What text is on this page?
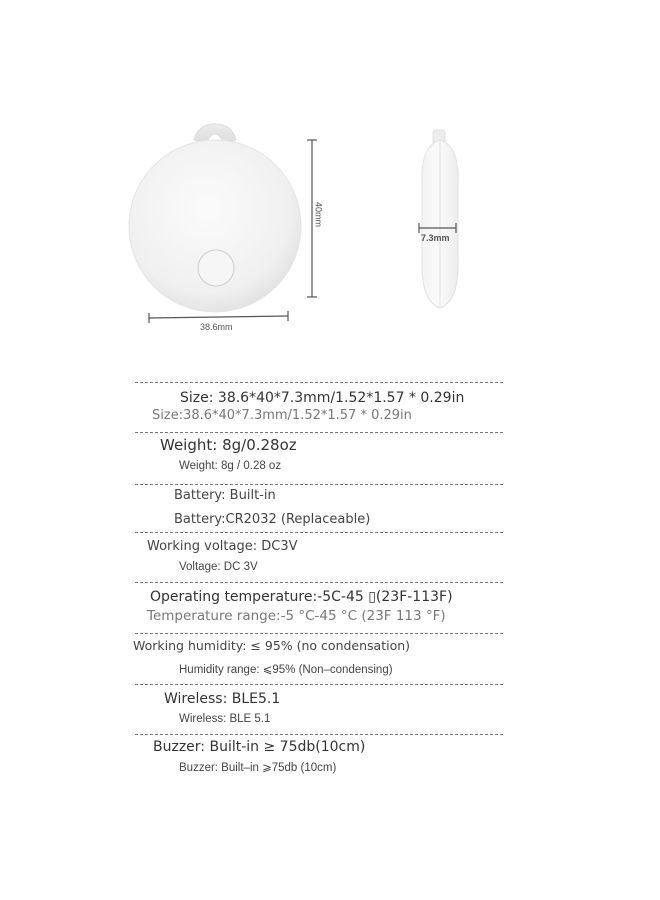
40mm
38.6mm
7.3mm
Size: 38.6*40*7.3mm/1.52*1.57 * 0.29in
Size:38.6*40*7.3mm/1.52*1.57 * 0.29in
Weight: 8g/0.28oz
Weight: 8g / 0.28 oz
Battery: Built-in
Battery:CR2032 (Replaceable)
Working voltage: DC3V
Voltage: DC 3V
Operating temperature:-5C-45 ▯(23F-113F)
Temperature range:-5 °C-45 °C (23F 113 °F)
Working humidity: ≤ 95% (no condensation)
Humidity range: ⩽95% (Non–condensing)
Wireless: BLE5.1
Wireless: BLE 5.1
Buzzer: Built-in ≥ 75db(10cm)
Buzzer: Built–in ⩾75db (10cm)
